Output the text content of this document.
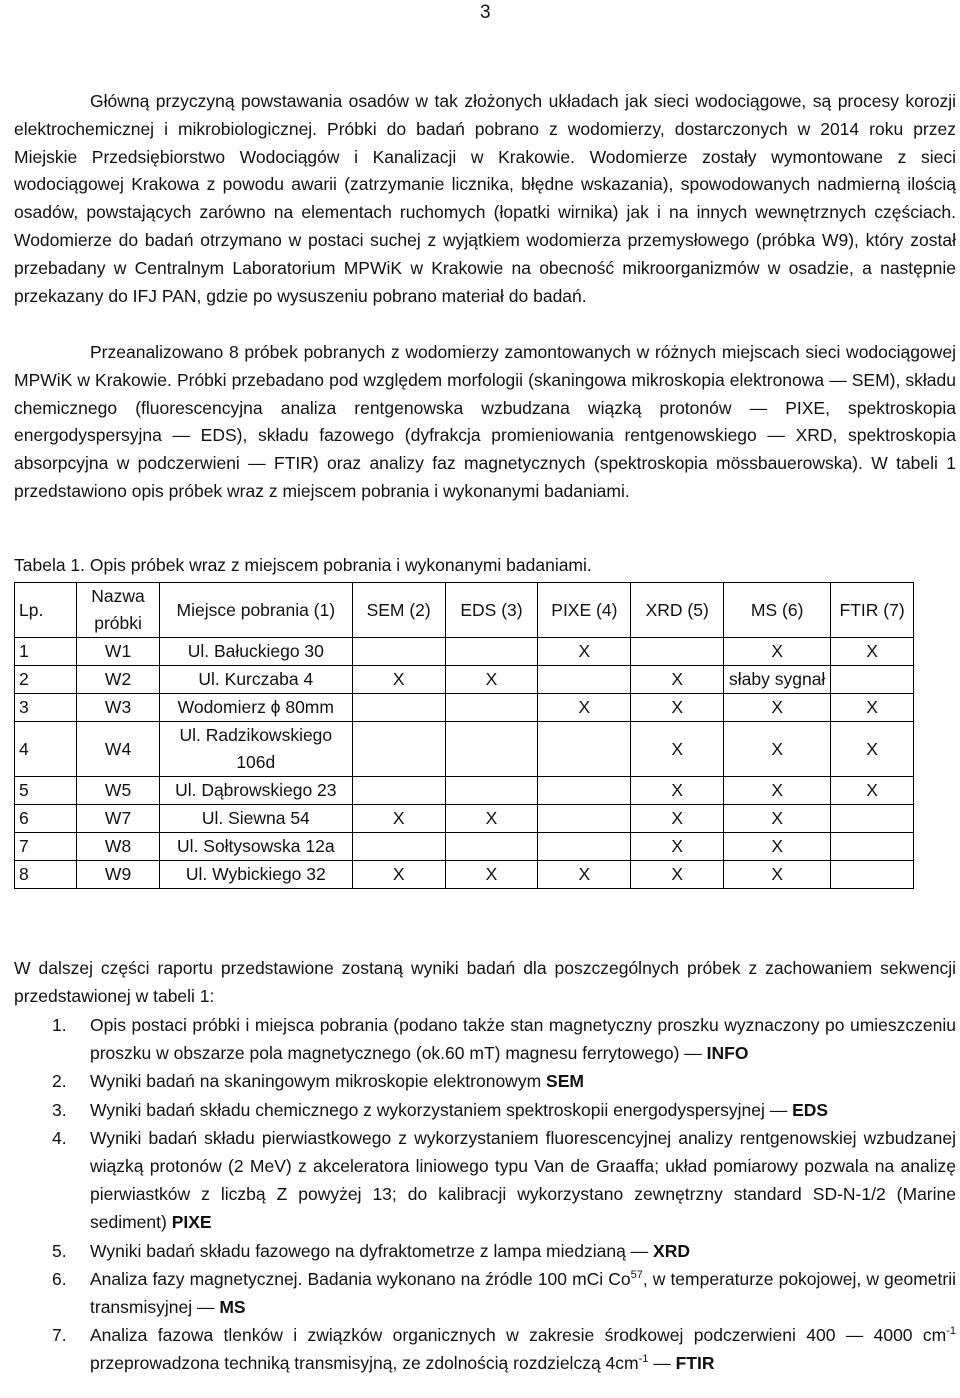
3
Główną przyczyną powstawania osadów w tak złożonych układach jak sieci wodociągowe, są procesy korozji elektrochemicznej i mikrobiologicznej. Próbki do badań pobrano z wodomierzy, dostarczonych w 2014 roku przez Miejskie Przedsiębiorstwo Wodociągów i Kanalizacji w Krakowie. Wodomierze zostały wymontowane z sieci wodociągowej Krakowa z powodu awarii (zatrzymanie licznika, błędne wskazania), spowodowanych nadmierną ilością osadów, powstających zarówno na elementach ruchomych (łopatki wirnika) jak i na innych wewnętrznych częściach. Wodomierze do badań otrzymano w postaci suchej z wyjątkiem wodomierza przemysłowego (próbka W9), który został przebadany w Centralnym Laboratorium MPWiK w Krakowie na obecność mikroorganizmów w osadzie, a następnie przekazany do IFJ PAN, gdzie po wysuszeniu pobrano materiał do badań.
Przeanalizowano 8 próbek pobranych z wodomierzy zamontowanych w różnych miejscach sieci wodociągowej MPWiK w Krakowie. Próbki przebadano pod względem morfologii (skaningowa mikroskopia elektronowa — SEM), składu chemicznego (fluorescencyjna analiza rentgenowska wzbudzana wiązką protonów — PIXE, spektroskopia energodyspersyjna — EDS), składu fazowego (dyfrakcja promieniowania rentgenowskiego — XRD, spektroskopia absorpcyjna w podczerwieni — FTIR) oraz analizy faz magnetycznych (spektroskopia mössbauerowska). W tabeli 1 przedstawiono opis próbek wraz z miejscem pobrania i wykonanymi badaniami.
Tabela 1. Opis próbek wraz z miejscem pobrania i wykonanymi badaniami.
Lp.	Nazwa próbki	Miejsce pobrania (1)	SEM (2)	EDS (3)	PIXE (4)	XRD (5)	MS (6)	FTIR (7)
1	W1	Ul. Bałuckiego 30			X		X	X
2	W2	Ul. Kurczaba 4	X	X		X	słaby sygnał	
3	W3	Wodomierz ϕ 80mm			X	X	X	X
4	W4	Ul. Radzikowskiego 106d				X	X	X
5	W5	Ul. Dąbrowskiego 23				X	X	X
6	W7	Ul. Siewna 54	X	X		X	X	
7	W8	Ul. Sołtysowska 12a				X	X	
8	W9	Ul. Wybickiego 32	X	X	X	X	X	
W dalszej części raportu przedstawione zostaną wyniki badań dla poszczególnych próbek z zachowaniem sekwencji przedstawionej w tabeli 1:
1. Opis postaci próbki i miejsca pobrania (podano także stan magnetyczny proszku wyznaczony po umieszczeniu proszku w obszarze pola magnetycznego (ok.60 mT) magnesu ferrytowego) — INFO
2. Wyniki badań na skaningowym mikroskopie elektronowym SEM
3. Wyniki badań składu chemicznego z wykorzystaniem spektroskopii energodyspersyjnej — EDS
4. Wyniki badań składu pierwiastkowego z wykorzystaniem fluorescencyjnej analizy rentgenowskiej wzbudzanej wiązką protonów (2 MeV) z akceleratora liniowego typu Van de Graaffa; układ pomiarowy pozwala na analizę pierwiastków z liczbą Z powyżej 13; do kalibracji wykorzystano zewnętrzny standard SD-N-1/2 (Marine sediment) PIXE
5. Wyniki badań składu fazowego na dyfraktometrze z lampa miedzianą — XRD
6. Analiza fazy magnetycznej. Badania wykonano na źródle 100 mCi Co$^{57}$, w temperaturze pokojowej, w geometrii transmisyjnej — MS
7. Analiza fazowa tlenków i związków organicznych w zakresie środkowej podczerwieni 400 — 4000 $cm^{-1}$ przeprowadzona techniką transmisyjną, ze zdolnością rozdzielczą $4cm^{-1}$ — FTIR
